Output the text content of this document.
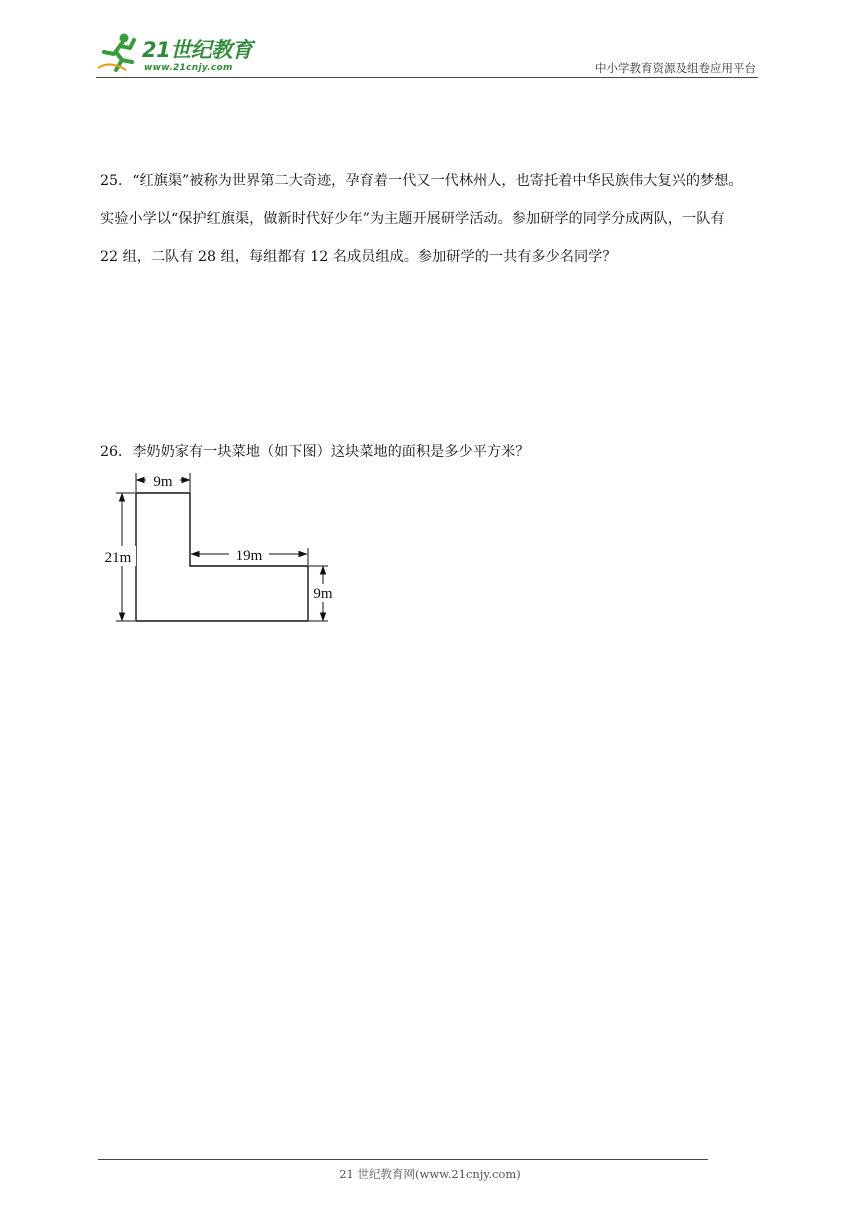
21世纪教育
www.21cnjy.com	中小学教育资源及组卷应用平台

25．“红旗渠”被称为世界第二大奇迹，孕育着一代又一代林州人，也寄托着中华民族伟大复兴的梦想。

实验小学以“保护红旗渠，做新时代好少年”为主题开展研学活动。参加研学的同学分成两队，一队有

22 组，二队有 28 组，每组都有 12 名成员组成。参加研学的一共有多少名同学？

26．李奶奶家有一块菜地（如下图）这块菜地的面积是多少平方米？

9m
21m	19m
9m
21 世纪教育网(www.21cnjy.com)
